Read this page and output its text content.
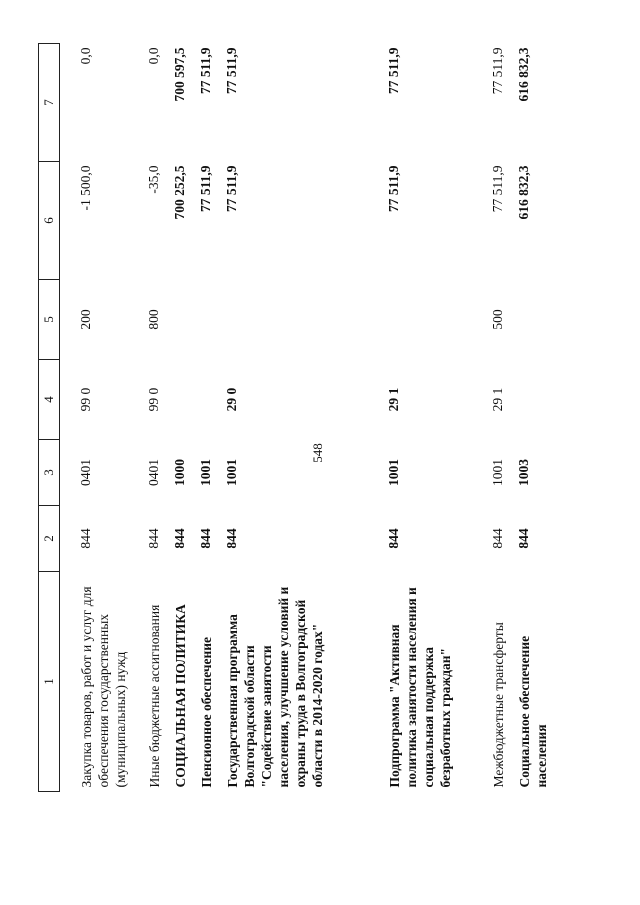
548
1	2	3	4	5	6	7
Закупка товаров, работ и услуг для обеспечения государственных (муниципальных) нужд	844	0401	99 0	200	-1 500,0	0,0
Иные бюджетные ассигнования	844	0401	99 0	800	-35,0	0,0
СОЦИАЛЬНАЯ ПОЛИТИКА	844	1000			700 252,5	700 597,5
Пенсионное обеспечение	844	1001			77 511,9	77 511,9
Государственная программа Волгоградской области "Содействие занятости населения, улучшение условий и охраны труда в Волгоградской области в 2014-2020 годах"	844	1001	29 0		77 511,9	77 511,9
Подпрограмма "Активная политика занятости населения и социальная поддержка безработных граждан"	844	1001	29 1		77 511,9	77 511,9
Межбюджетные трансферты	844	1001	29 1	500	77 511,9	77 511,9
Социальное обеспечение населения	844	1003			616 832,3	616 832,3
